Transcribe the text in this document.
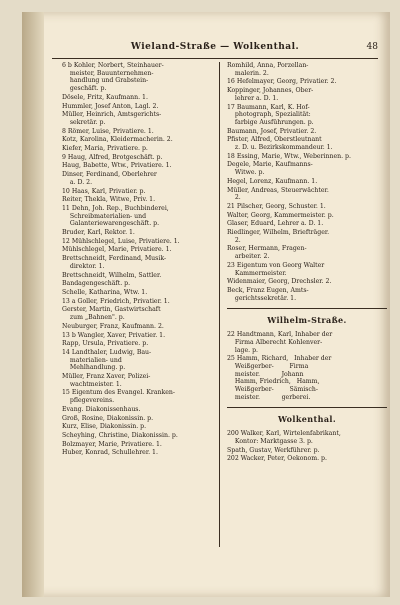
Wieland-Straße — Wolkenthal.	48
6 b Kohler, Norbert, Steinhauer-
meister, Bauunternehmen-
handlung und Grabstein-
geschäft. p.
Dösele, Fritz, Kaufmann. 1.
Hummler, Josef Anton, Lagl. 2.
Müller, Heinrich, Amtsgerichts-
sekretär. p.
8 Römer, Luise, Privatiere. 1.
Kotz, Karolina, Kleidermacherin. 2.
Kiefer, Maria, Privatiere. p.
9 Haug, Alfred, Brotgeschäft. p.
Haug, Babette, Wtw., Privatiere. 1.
Dinser, Ferdinand, Oberlehrer
a. D. 2.
10 Haas, Karl, Privatier. p.
Reiter, Thekla, Witwe, Priv. 1.
11 Dehn, Joh. Rep., Buchbinderei,
Schreibmaterialien- und
Galanteriewarengeschäft. p.
Bruder, Karl, Rektor. 1.
12 Mühlschlegel, Luise, Privatiere. 1.
Mühlschlegel, Marie, Privatiere. 1.
Brettschneidt, Ferdinand, Musik-
direktor. 1.
Brettschneidt, Wilhelm, Sattler.
Bandagengeschäft. p.
Schelle, Katharina, Wtw. 1.
13 a Goller, Friedrich, Privatier. 1.
Gerster, Martin, Gastwirtschaft
zum „Bahnen". p.
Neuburger, Franz, Kaufmann. 2.
13 b Wangler, Xaver, Privatier. 1.
Rapp, Ursula, Privatiere. p.
14 Landthaler, Ludwig, Bau-
materialien- und
Mehlhandlung. p.
Müller, Franz Xaver, Polizei-
wachtmeister. 1.
15 Eigentum des Evangel. Kranken-
pflegevereins.
Evang. Diakonissenhaus.
Groß, Rosine, Diakonissin. p.
Kurz, Elise, Diakonissin. p.
Scheyhing, Christine, Diakonissin. p.
Bolzmayer, Marie, Privatiere. 1.
Huber, Konrad, Schullehrer. 1.
Romhild, Anna, Porzellan-
malerin. 2.
16 Hefelmayer, Georg, Privatier. 2.
Koppinger, Johannes, Ober-
lehrer a. D. 1.
17 Baumann, Karl, K. Hof-
photograph, Spezialität:
farbige Ausführungen. p.
Baumann, Josef, Privatier. 2.
Pfister, Alfred, Oberstleutnant
z. D. u. Bezirkskommandeur. 1.
18 Essing, Marie, Wtw., Weberinnen. p.
Degele, Marie, Kaufmanns-
Witwe. p.
Hegel, Lorenz, Kaufmann. 1.
Müller, Andreas, Steuerwächter.
2.
21 Pilscher, Georg, Schuster. 1.
Walter, Georg, Kammermeister. p.
Glaser, Eduard, Lehrer a. D. 1.
Riedlinger, Wilhelm, Briefträger.
2.
Roser, Hermann, Fragen-
arbeiter. 2.
23 Eigentum von Georg Walter
Kammermeister.
Widenmaier, Georg, Drechsler. 2.
Beck, Franz Eugen, Amts-
gerichtssekretär. 1.
Wilhelm-Straße.
22 Handtmann, Karl, Inhaber der
Firma Alberecht Kohlenver-
lage. p.
25 Hamm, Richard,   Inhaber der
Weißgerber-        Firma
meister.           Johann
Hamm, Friedrich,   Hamm,
Weißgerber-        Sämisch-
meister.           gerberei.
Wolkenthal.
200 Walker, Karl, Wirtelenfabrikant,
Kontor: Marktgasse 3. p.
Spath, Gustav, Werkführer. p.
202 Wacker, Peter, Oekonom. p.
